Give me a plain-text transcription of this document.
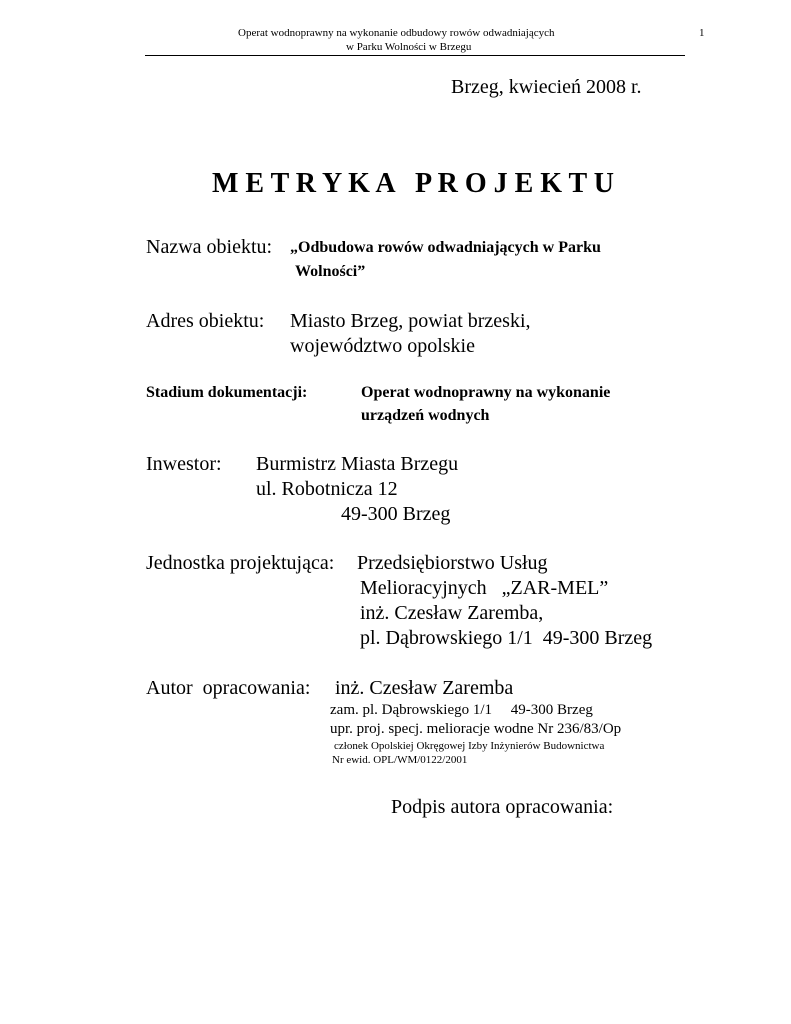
Operat wodnoprawny na wykonanie odbudowy rowów odwadniających
w Parku Wolności w Brzegu
1
Brzeg, kwiecień 2008 r.
M E T R Y K A   P R O J E K T U
Nazwa obiektu: „Odbudowa rowów odwadniających w Parku
Wolności”
Adres obiektu: Miasto Brzeg, powiat brzeski,
województwo opolskie
Stadium dokumentacji:	Operat wodnoprawny na wykonanie
urządzeń wodnych
Inwestor: Burmistrz Miasta Brzegu
ul. Robotnicza 12
49-300 Brzeg
Jednostka projektująca: Przedsiębiorstwo Usług
Melioracyjnych   „ZAR-MEL”
inż. Czesław Zaremba,
pl. Dąbrowskiego 1/1  49-300 Brzeg
Autor  opracowania: inż. Czesław Zaremba
zam. pl. Dąbrowskiego 1/1     49-300 Brzeg
upr. proj. specj. melioracje wodne Nr 236/83/Op
członek Opolskiej Okręgowej Izby Inżynierów Budownictwa
Nr ewid. OPL/WM/0122/2001
Podpis autora opracowania:
